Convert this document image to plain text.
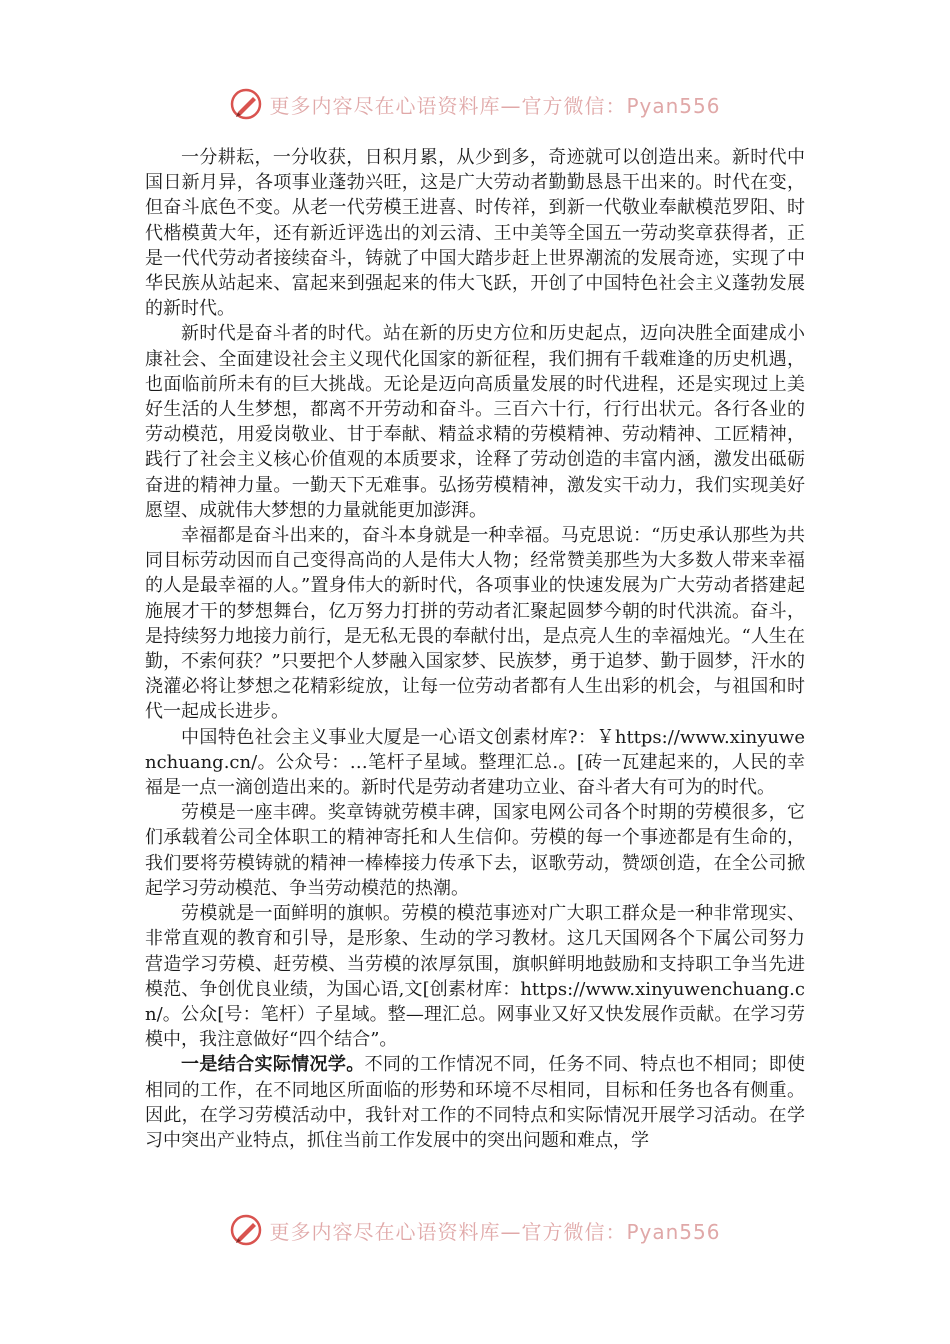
更多内容尽在心语资料库—官方微信：Pyan556

一分耕耘，一分收获，日积月累，从少到多，奇迹就可以创造出来。新时代中国日新月异，各项事业蓬勃兴旺，这是广大劳动者勤勤恳恳干出来的。时代在变，但奋斗底色不变。从老一代劳模王进喜、时传祥，到新一代敬业奉献模范罗阳、时代楷模黄大年，还有新近评选出的刘云清、王中美等全国五一劳动奖章获得者，正是一代代劳动者接续奋斗，铸就了中国大踏步赶上世界潮流的发展奇迹，实现了中华民族从站起来、富起来到强起来的伟大飞跃，开创了中国特色社会主义蓬勃发展的新时代。

新时代是奋斗者的时代。站在新的历史方位和历史起点，迈向决胜全面建成小康社会、全面建设社会主义现代化国家的新征程，我们拥有千载难逢的历史机遇，也面临前所未有的巨大挑战。无论是迈向高质量发展的时代进程，还是实现过上美好生活的人生梦想，都离不开劳动和奋斗。三百六十行，行行出状元。各行各业的劳动模范，用爱岗敬业、甘于奉献、精益求精的劳模精神、劳动精神、工匠精神，践行了社会主义核心价值观的本质要求，诠释了劳动创造的丰富内涵，激发出砥砺奋进的精神力量。一勤天下无难事。弘扬劳模精神，激发实干动力，我们实现美好愿望、成就伟大梦想的力量就能更加澎湃。

幸福都是奋斗出来的，奋斗本身就是一种幸福。马克思说：“历史承认那些为共同目标劳动因而自己变得高尚的人是伟大人物；经常赞美那些为大多数人带来幸福的人是最幸福的人。”置身伟大的新时代，各项事业的快速发展为广大劳动者搭建起施展才干的梦想舞台，亿万努力打拼的劳动者汇聚起圆梦今朝的时代洪流。奋斗，是持续努力地接力前行，是无私无畏的奉献付出，是点亮人生的幸福烛光。“人生在勤，不索何获？”只要把个人梦融入国家梦、民族梦，勇于追梦、勤于圆梦，汗水的浇灌必将让梦想之花精彩绽放，让每一位劳动者都有人生出彩的机会，与祖国和时代一起成长进步。

中国特色社会主义事业大厦是一心语文创素材库?：￥https://www.xinyuwenchuang.cn/。公众号：…笔杆子星域。整理汇总.。[砖一瓦建起来的，人民的幸福是一点一滴创造出来的。新时代是劳动者建功立业、奋斗者大有可为的时代。

劳模是一座丰碑。奖章铸就劳模丰碑，国家电网公司各个时期的劳模很多，它们承载着公司全体职工的精神寄托和人生信仰。劳模的每一个事迹都是有生命的，我们要将劳模铸就的精神一棒棒接力传承下去，讴歌劳动，赞颂创造，在全公司掀起学习劳动模范、争当劳动模范的热潮。

劳模就是一面鲜明的旗帜。劳模的模范事迹对广大职工群众是一种非常现实、非常直观的教育和引导，是形象、生动的学习教材。这几天国网各个下属公司努力营造学习劳模、赶劳模、当劳模的浓厚氛围，旗帜鲜明地鼓励和支持职工争当先进模范、争创优良业绩，为国心语,文[创素材库：https://www.xinyuwenchuang.cn/。公众[号：笔杆）子星域。整—理汇总。网事业又好又快发展作贡献。在学习劳模中，我注意做好“四个结合”。

一是结合实际情况学。不同的工作情况不同，任务不同、特点也不相同；即使相同的工作，在不同地区所面临的形势和环境不尽相同，目标和任务也各有侧重。因此，在学习劳模活动中，我针对工作的不同特点和实际情况开展学习活动。在学习中突出产业特点，抓住当前工作发展中的突出问题和难点，学

更多内容尽在心语资料库—官方微信：Pyan556
